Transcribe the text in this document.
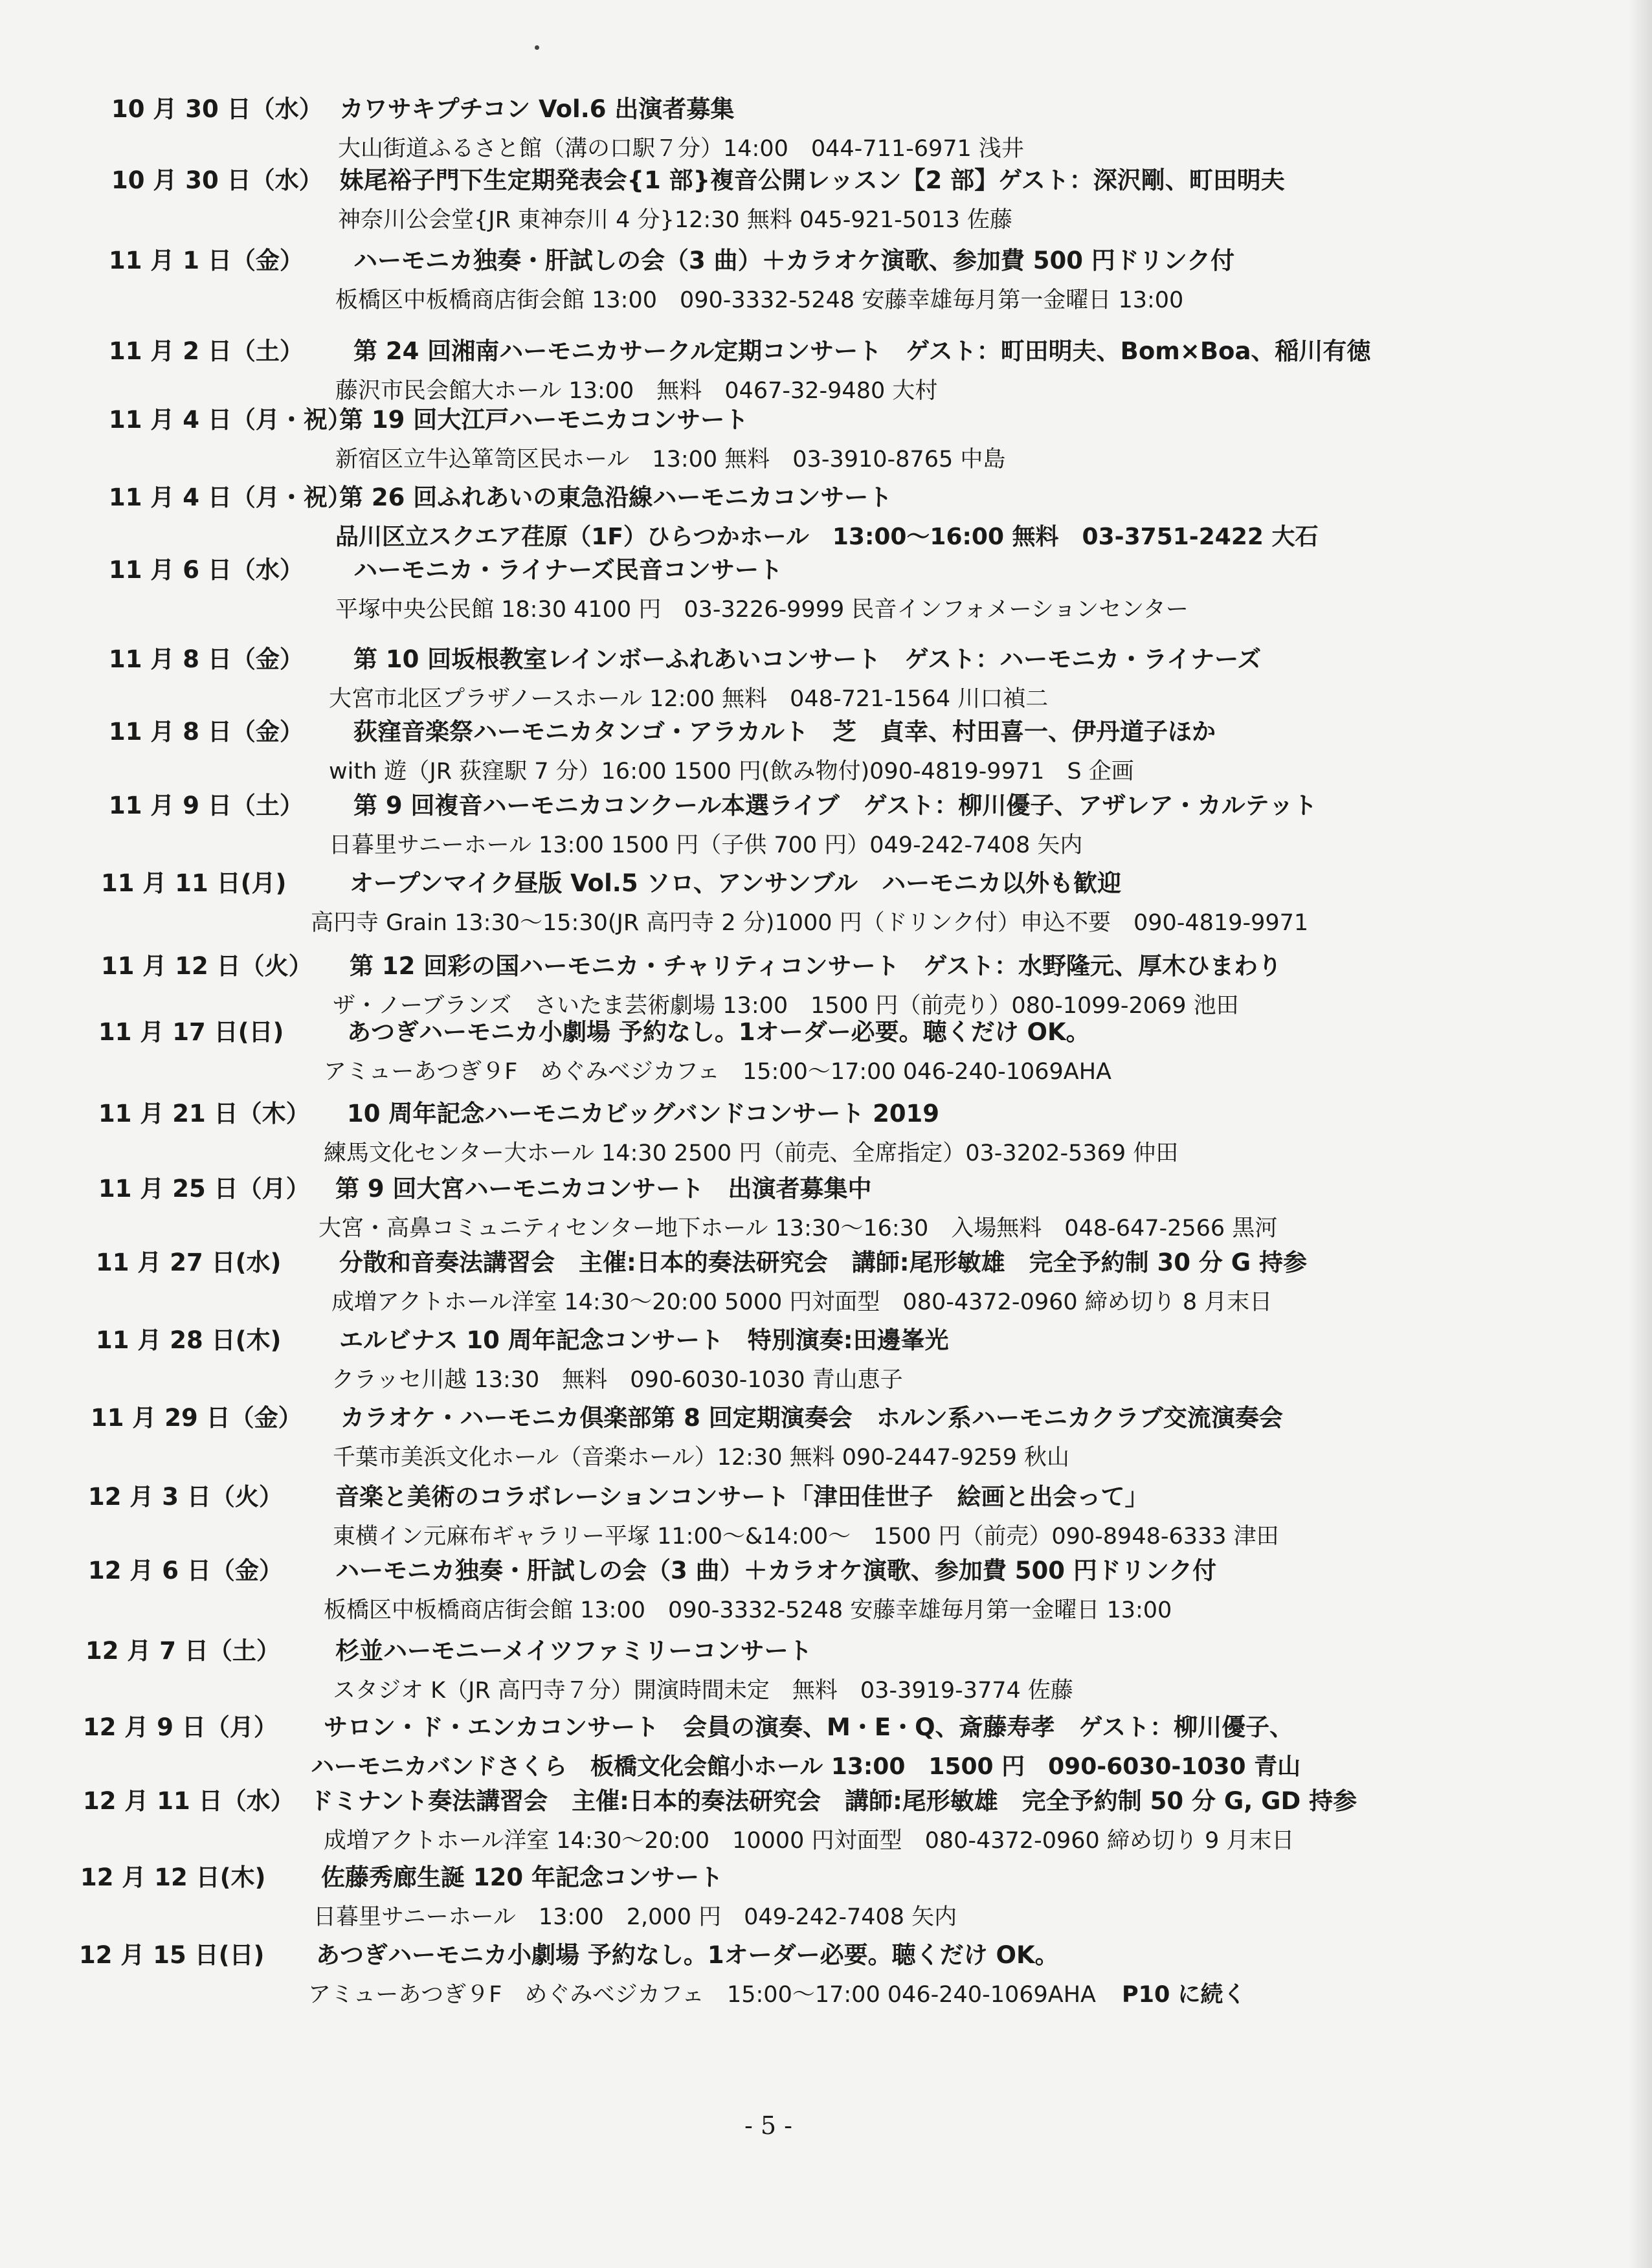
10 月 30 日（水） カワサキプチコン Vol.6 出演者募集
大山街道ふるさと館（溝の口駅７分）14:00　044-711-6971 浅井
10 月 30 日（水） 妹尾裕子門下生定期発表会{1 部}複音公開レッスン【2 部】ゲスト：深沢剛、町田明夫
神奈川公会堂{JR 東神奈川 4 分}12:30 無料 045-921-5013 佐藤
11 月 1 日（金） ハーモニカ独奏・肝試しの会（3 曲）＋カラオケ演歌、参加費 500 円ドリンク付
板橋区中板橋商店街会館 13:00　090-3332-5248 安藤幸雄毎月第一金曜日 13:00
11 月 2 日（土） 第 24 回湘南ハーモニカサークル定期コンサート　ゲスト：町田明夫、Bom×Boa、稲川有徳
藤沢市民会館大ホール 13:00　無料　0467-32-9480 大村
11 月 4 日（月・祝）第 19 回大江戸ハーモニカコンサート
新宿区立牛込箪笥区民ホール　13:00 無料　03-3910-8765 中島
11 月 4 日（月・祝）第 26 回ふれあいの東急沿線ハーモニカコンサート
品川区立スクエア荏原（1F）ひらつかホール　13:00～16:00 無料　03-3751-2422 大石
11 月 6 日（水） ハーモニカ・ライナーズ民音コンサート
平塚中央公民館 18:30 4100 円　03-3226-9999 民音インフォメーションセンター
11 月 8 日（金） 第 10 回坂根教室レインボーふれあいコンサート　ゲスト：ハーモニカ・ライナーズ
大宮市北区プラザノースホール 12:00 無料　048-721-1564 川口禎二
11 月 8 日（金） 荻窪音楽祭ハーモニカタンゴ・アラカルト　芝　貞幸、村田喜一、伊丹道子ほか
with 遊（JR 荻窪駅 7 分）16:00 1500 円(飲み物付)090-4819-9971　S 企画
11 月 9 日（土） 第 9 回複音ハーモニカコンクール本選ライブ　ゲスト：柳川優子、アザレア・カルテット
日暮里サニーホール 13:00 1500 円（子供 700 円）049-242-7408 矢内
11 月 11 日(月)	オープンマイク昼版 Vol.5 ソロ、アンサンブル　ハーモニカ以外も歓迎
高円寺 Grain 13:30～15:30(JR 高円寺 2 分)1000 円（ドリンク付）申込不要　090-4819-9971
11 月 12 日（火） 第 12 回彩の国ハーモニカ・チャリティコンサート　ゲスト：水野隆元、厚木ひまわり
ザ・ノーブランズ　さいたま芸術劇場 13:00　1500 円（前売り）080-1099-2069 池田
11 月 17 日(日)	あつぎハーモニカ小劇場 予約なし。1オーダー必要。聴くだけ OK。
アミューあつぎ９F　めぐみベジカフェ　15:00～17:00 046-240-1069AHA
11 月 21 日（木） 10 周年記念ハーモニカビッグバンドコンサート 2019
練馬文化センター大ホール 14:30 2500 円（前売、全席指定）03-3202-5369 仲田
11 月 25 日（月） 第 9 回大宮ハーモニカコンサート　出演者募集中
大宮・高鼻コミュニティセンター地下ホール 13:30～16:30　入場無料　048-647-2566 黒河
11 月 27 日(水) 分散和音奏法講習会　主催:日本的奏法研究会　講師:尾形敏雄　完全予約制 30 分 G 持参
成増アクトホール洋室 14:30～20:00 5000 円対面型　080-4372-0960 締め切り 8 月末日
11 月 28 日(木) エルビナス 10 周年記念コンサート　特別演奏:田邊峯光
クラッセ川越 13:30　無料　090-6030-1030 青山恵子
11 月 29 日（金） カラオケ・ハーモニカ倶楽部第 8 回定期演奏会　ホルン系ハーモニカクラブ交流演奏会
千葉市美浜文化ホール（音楽ホール）12:30 無料 090-2447-9259 秋山
12 月 3 日（火） 音楽と美術のコラボレーションコンサート「津田佳世子　絵画と出会って」
東横イン元麻布ギャラリー平塚 11:00～&14:00～　1500 円（前売）090-8948-6333 津田
12 月 6 日（金） ハーモニカ独奏・肝試しの会（3 曲）＋カラオケ演歌、参加費 500 円ドリンク付
板橋区中板橋商店街会館 13:00　090-3332-5248 安藤幸雄毎月第一金曜日 13:00
12 月 7 日（土） 杉並ハーモニーメイツファミリーコンサート
スタジオ K（JR 高円寺７分）開演時間未定　無料　03-3919-3774 佐藤
12 月 9 日（月） サロン・ド・エンカコンサート　会員の演奏、M・E・Q、斎藤寿孝　ゲスト：柳川優子、
ハーモニカバンドさくら　板橋文化会館小ホール 13:00　1500 円　090-6030-1030 青山
12 月 11 日（水） ドミナント奏法講習会　主催:日本的奏法研究会　講師:尾形敏雄　完全予約制 50 分 G, GD 持参
成増アクトホール洋室 14:30～20:00　10000 円対面型　080-4372-0960 締め切り 9 月末日
12 月 12 日(木) 佐藤秀廊生誕 120 年記念コンサート
日暮里サニーホール　13:00　2,000 円　049-242-7408 矢内
12 月 15 日(日) あつぎハーモニカ小劇場 予約なし。1オーダー必要。聴くだけ OK。
アミューあつぎ９F　めぐみベジカフェ　15:00～17:00 046-240-1069AHA P10 に続く
- 5 -
